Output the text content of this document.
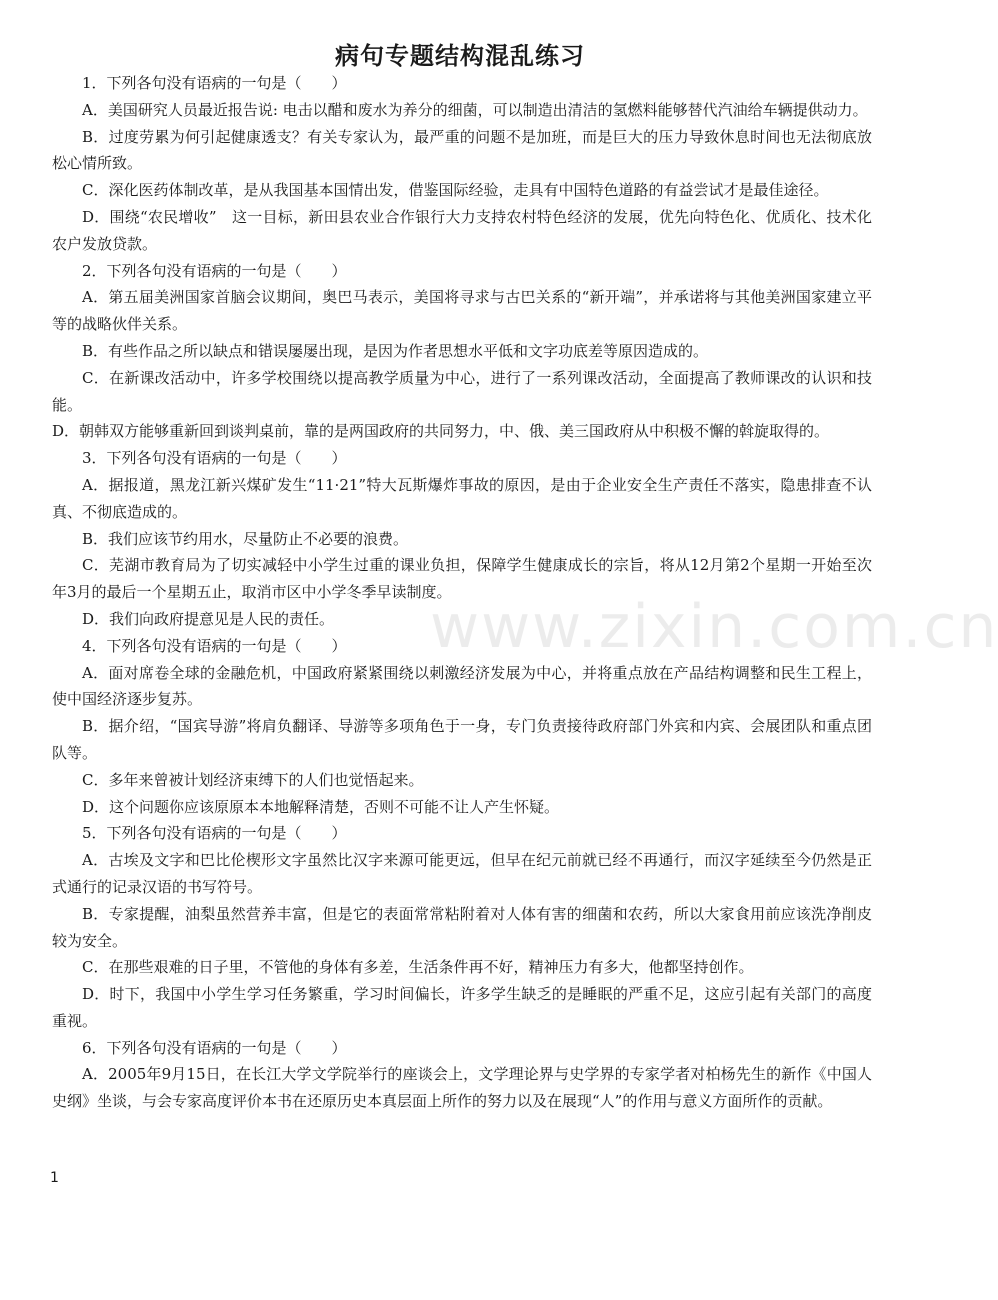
病句专题结构混乱练习
www.zixin.com.cn

1．下列各句没有语病的一句是（　　）

A．美国研究人员最近报告说: 电击以醋和废水为养分的细菌，可以制造出清洁的氢燃料能够替代汽油给车辆提供动力。

B．过度劳累为何引起健康透支？有关专家认为，最严重的问题不是加班，而是巨大的压力导致休息时间也无法彻底放松心情所致。

C．深化医药体制改革，是从我国基本国情出发，借鉴国际经验，走具有中国特色道路的有益尝试才是最佳途径。

D．围绕“农民增收”　这一目标，新田县农业合作银行大力支持农村特色经济的发展，优先向特色化、优质化、技术化农户发放贷款。

2．下列各句没有语病的一句是（　　）

A．第五届美洲国家首脑会议期间，奥巴马表示，美国将寻求与古巴关系的“新开端”，并承诺将与其他美洲国家建立平等的战略伙伴关系。

B．有些作品之所以缺点和错误屡屡出现，是因为作者思想水平低和文字功底差等原因造成的。

C．在新课改活动中，许多学校围绕以提高教学质量为中心，进行了一系列课改活动，全面提高了教师课改的认识和技能。

D．朝韩双方能够重新回到谈判桌前，靠的是两国政府的共同努力，中、俄、美三国政府从中积极不懈的斡旋取得的。

3．下列各句没有语病的一句是（　　）

A．据报道，黑龙江新兴煤矿发生“11·21”特大瓦斯爆炸事故的原因，是由于企业安全生产责任不落实，隐患排查不认真、不彻底造成的。

B．我们应该节约用水，尽量防止不必要的浪费。

C．芜湖市教育局为了切实减轻中小学生过重的课业负担，保障学生健康成长的宗旨，将从12月第2个星期一开始至次年3月的最后一个星期五止，取消市区中小学冬季早读制度。

D．我们向政府提意见是人民的责任。

4．下列各句没有语病的一句是（　　）

A．面对席卷全球的金融危机，中国政府紧紧围绕以刺激经济发展为中心，并将重点放在产品结构调整和民生工程上，使中国经济逐步复苏。

B．据介绍，“国宾导游”将肩负翻译、导游等多项角色于一身，专门负责接待政府部门外宾和内宾、会展团队和重点团队等。

C．多年来曾被计划经济束缚下的人们也觉悟起来。

D．这个问题你应该原原本本地解释清楚，否则不可能不让人产生怀疑。

5．下列各句没有语病的一句是（　　）

A．古埃及文字和巴比伦楔形文字虽然比汉字来源可能更远，但早在纪元前就已经不再通行，而汉字延续至今仍然是正式通行的记录汉语的书写符号。

B．专家提醒，油梨虽然营养丰富，但是它的表面常常粘附着对人体有害的细菌和农药，所以大家食用前应该洗净削皮较为安全。

C．在那些艰难的日子里，不管他的身体有多差，生活条件再不好，精神压力有多大，他都坚持创作。

D．时下，我国中小学生学习任务繁重，学习时间偏长，许多学生缺乏的是睡眠的严重不足，这应引起有关部门的高度重视。

6．下列各句没有语病的一句是（　　）

A．2005年9月15日，在长江大学文学院举行的座谈会上，文学理论界与史学界的专家学者对柏杨先生的新作《中国人史纲》坐谈，与会专家高度评价本书在还原历史本真层面上所作的努力以及在展现“人”的作用与意义方面所作的贡献。

1
